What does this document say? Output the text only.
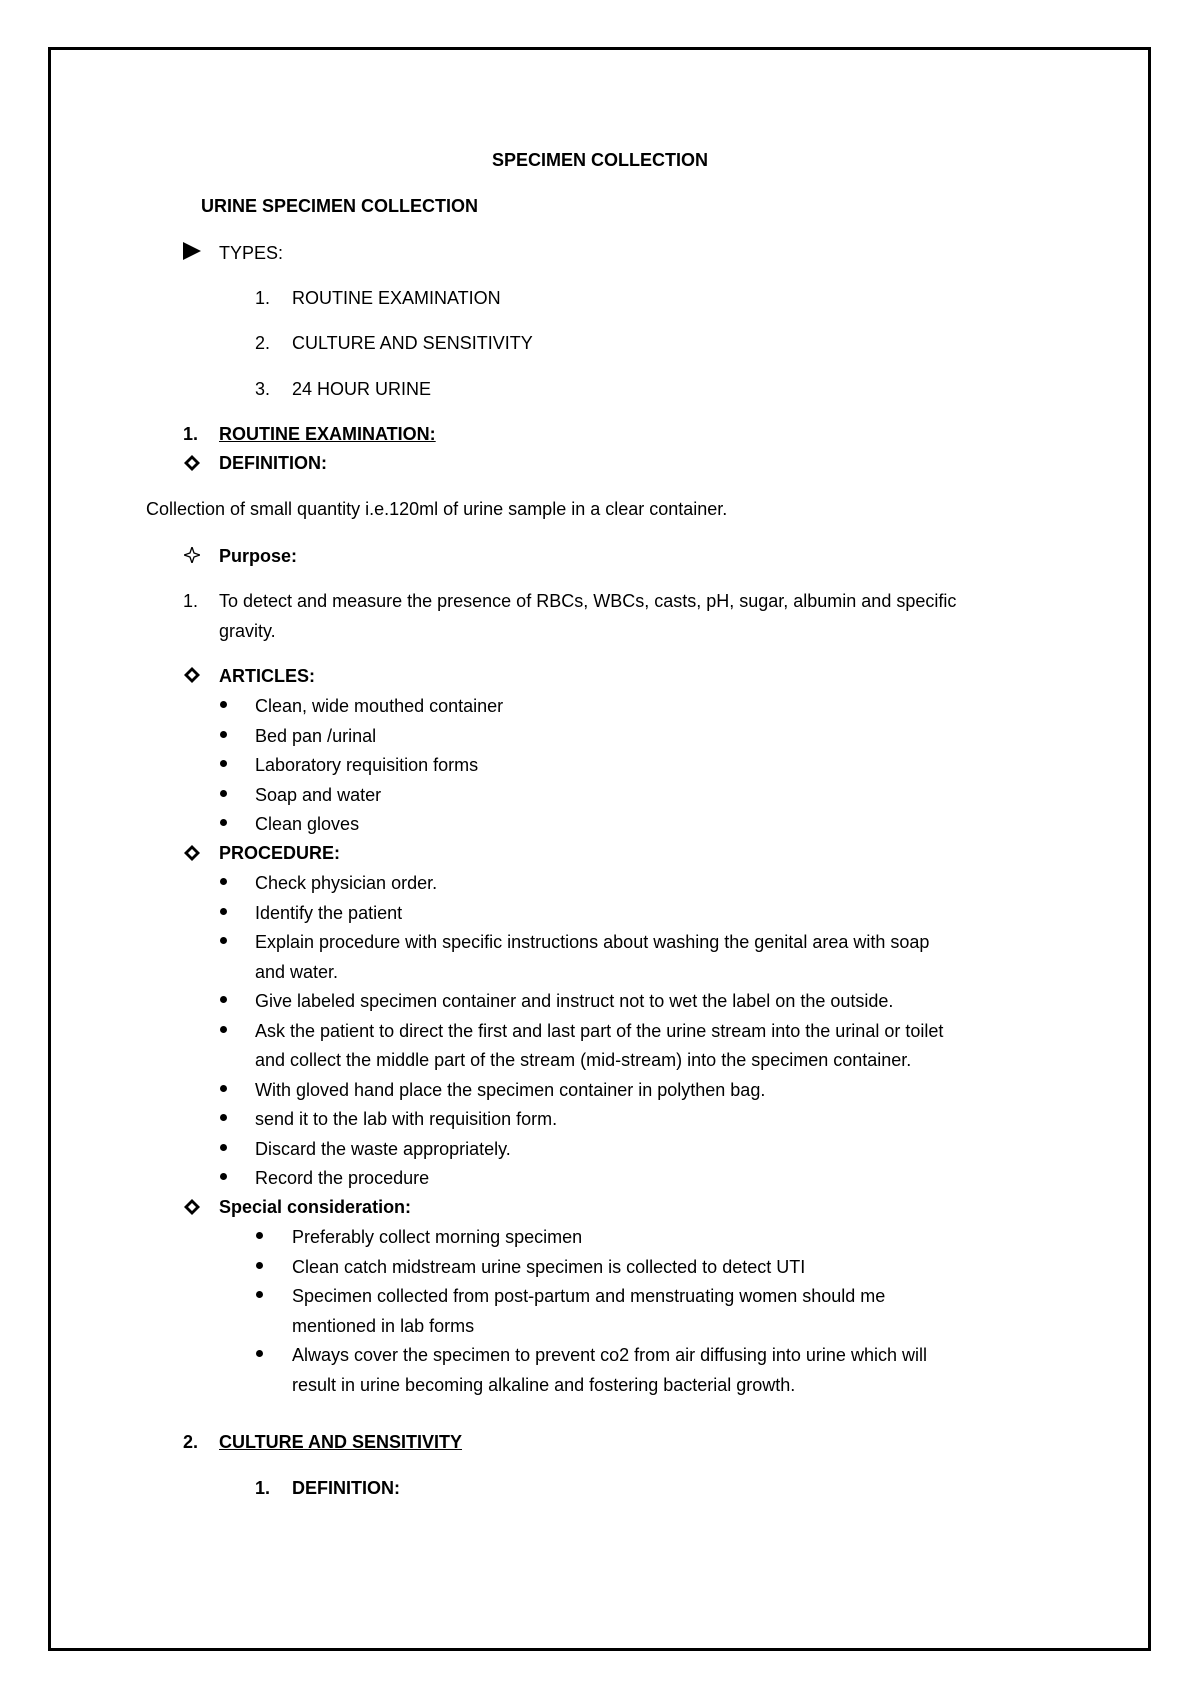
SPECIMEN COLLECTION
URINE SPECIMEN COLLECTION
TYPES:
1. ROUTINE EXAMINATION
2. CULTURE AND SENSITIVITY
3. 24 HOUR URINE
1. ROUTINE EXAMINATION:
DEFINITION:
Collection of small quantity i.e.120ml of urine sample in a clear container.
Purpose:
1. To detect and measure the presence of RBCs, WBCs, casts, pH, sugar, albumin and specific
gravity.
ARTICLES:
Clean, wide mouthed container
Bed pan /urinal
Laboratory requisition forms
Soap and water
Clean gloves
PROCEDURE:
Check physician order.
Identify the patient
Explain procedure with specific instructions about washing the genital area with soap
and water.
Give labeled specimen container and instruct not to wet the label on the outside.
Ask the patient to direct the first and last part of the urine stream into the urinal or toilet
and collect the middle part of the stream (mid-stream) into the specimen container.
With gloved hand place the specimen container in polythen bag.
send it to the lab with requisition form.
Discard the waste appropriately.
Record the procedure
Special consideration:
Preferably collect morning specimen
Clean catch midstream urine specimen is collected to detect UTI
Specimen collected from post-partum and menstruating women should me
mentioned in lab forms
Always cover the specimen to prevent co2 from air diffusing into urine which will
result in urine becoming alkaline and fostering bacterial growth.
2. CULTURE AND SENSITIVITY
1. DEFINITION:
